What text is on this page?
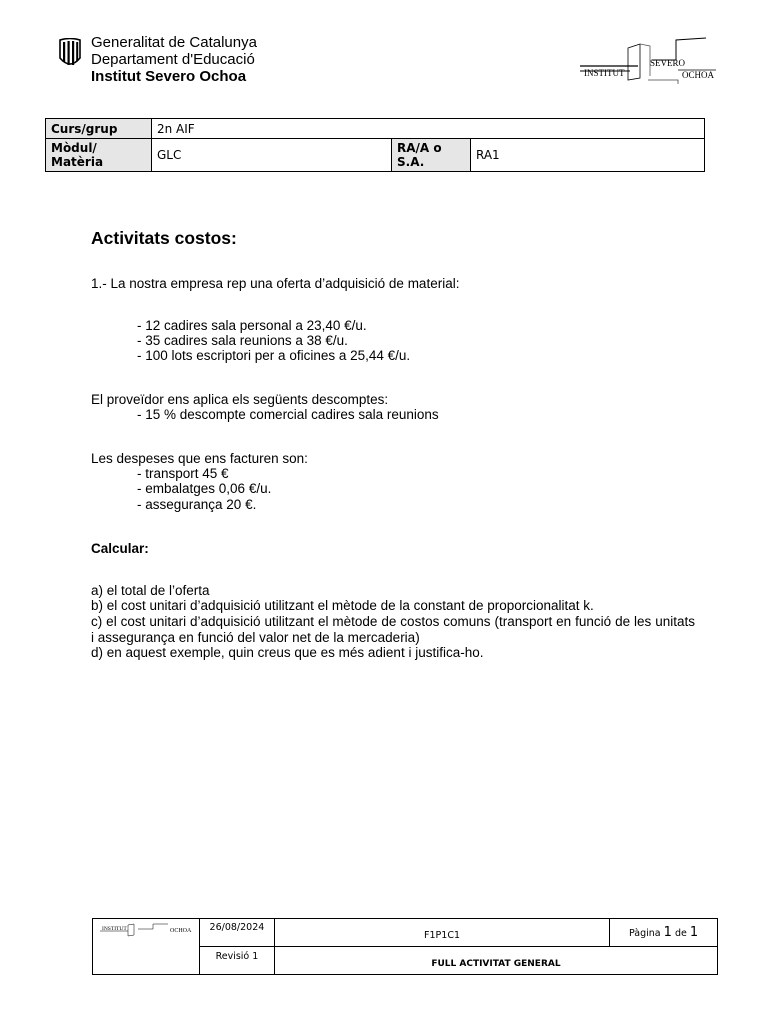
Generalitat de Catalunya
Departament d'Educació
Institut Severo Ochoa	INSTITUT
SEVERO
OCHOA
Curs/grup	2n AIF		
Mòdul/ Matèria	GLC	RA/A o S.A.	RA1
Activitats costos:
1.- La nostra empresa rep una oferta d’adquisició de material:
- 12 cadires sala personal a 23,40 €/u.
- 35 cadires sala reunions a 38 €/u.
- 100 lots escriptori per a oficines a 25,44 €/u.
El proveïdor ens aplica els següents descomptes:
- 15 % descompte comercial cadires sala reunions
Les despeses que ens facturen son:
- transport 45 €
- embalatges 0,06 €/u.
- assegurança 20 €.
Calcular:
a) el total de l’oferta
b) el cost unitari d’adquisició utilitzant el mètode de la constant de proporcionalitat k.
c) el cost unitari d’adquisició utilitzant el mètode de costos comuns (transport en funció de les unitats i assegurança en funció del valor net de la mercaderia)
d) en aquest exemple, quin creus que es més adient i justifica-ho.
INSTITUT OCHOA	26/08/2024	F1P1C1	Pàgina 1 de 1
	Revisió 1	FULL ACTIVITAT GENERAL	
